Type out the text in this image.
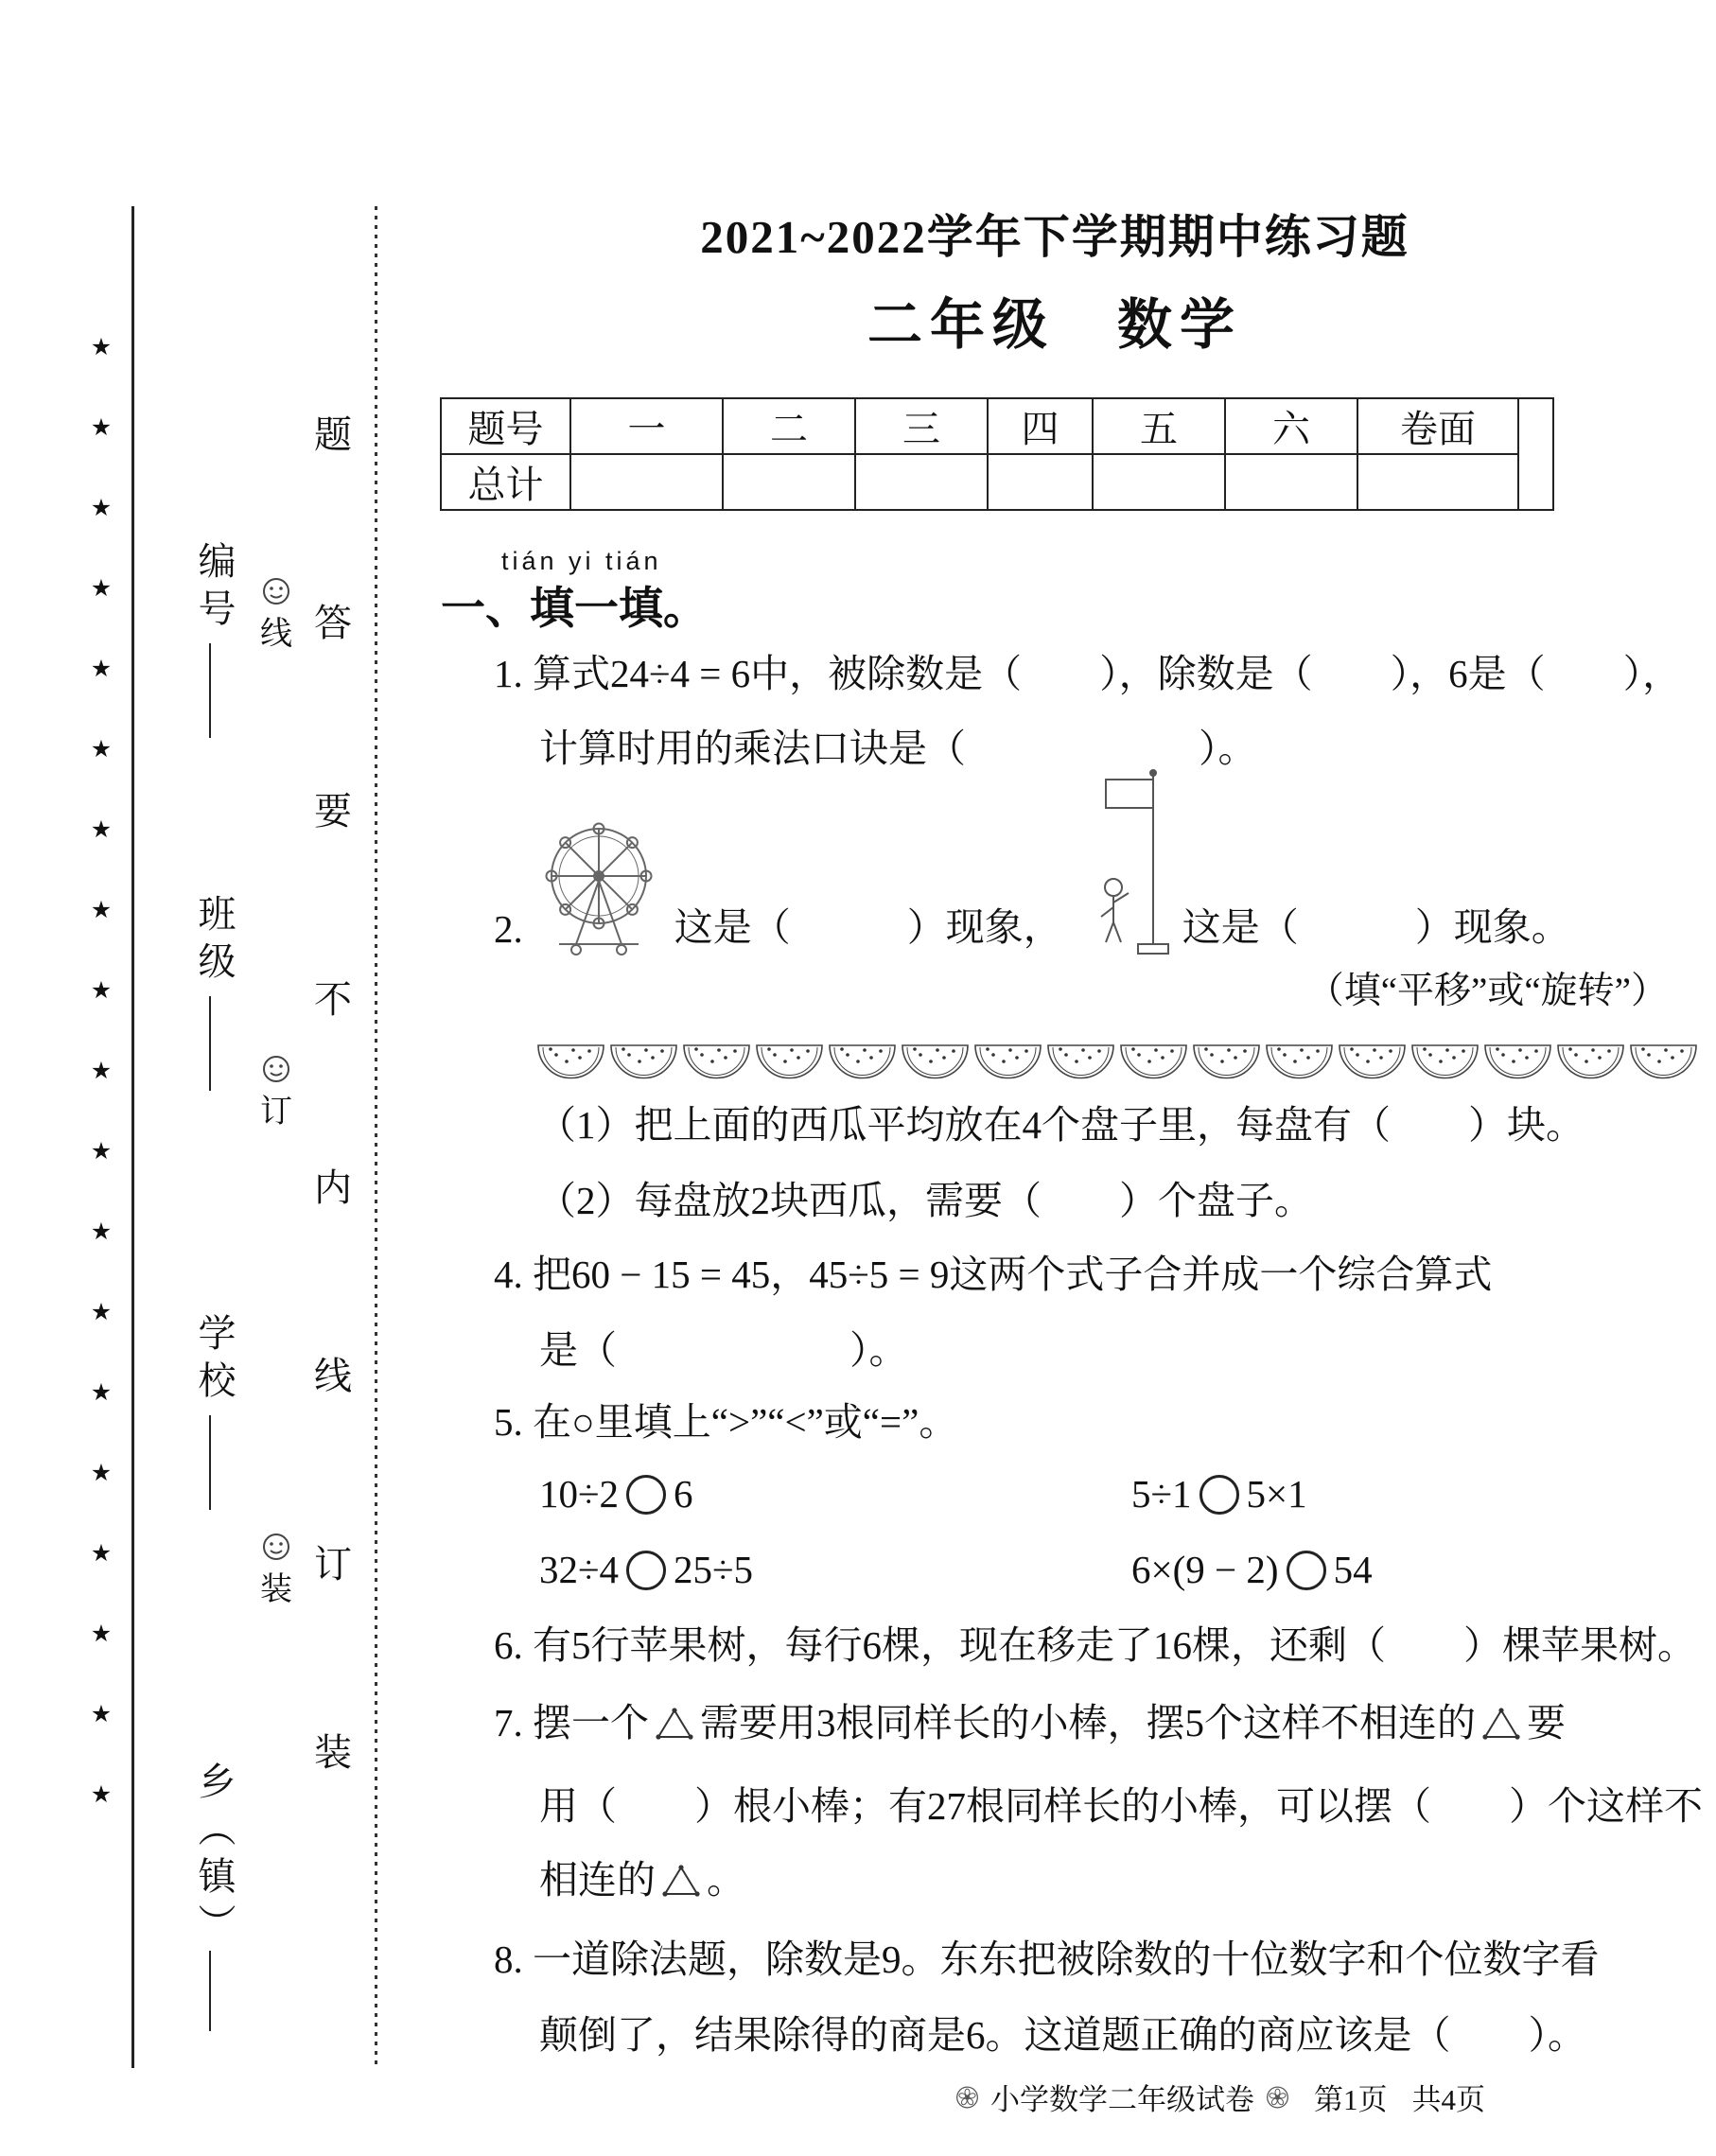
★
★
★
★
★
★
★
★
★
★
★
★
★
★
★
★
★
★
★
编号
班级
学校
乡（镇）
线
订
装
题
答
要
不
内
线
订
装
2021~2022学年下学期期中练习题
二年级　数学
题号	一	二	三	四	五	六	卷面	
总计								
tián yi tián
一、填一填。
1. 算式24÷4 = 6中，被除数是（　　），除数是（　　），6是（　　），
计算时用的乘法口诀是（　　　　　　）。
2.	这是（　　　）现象，	这是（　　　）现象。
（填“平移”或“旋转”）
（1）把上面的西瓜平均放在4个盘子里，每盘有（　　）块。
（2）每盘放2块西瓜，需要（　　）个盘子。
4. 把60 − 15 = 45，45÷5 = 9这两个式子合并成一个综合算式
是（　　　　　　）。
5. 在○里填上“>”“<”或“=”。
10÷2 6	5÷1 5×1
32÷4 25÷5	6×(9 − 2) 54
6. 有5行苹果树，每行6棵，现在移走了16棵，还剩（　　）棵苹果树。
7. 摆一个 需要用3根同样长的小棒，摆5个这样不相连的 要
用（　　）根小棒；有27根同样长的小棒，可以摆（　　）个这样不
相连的 。
8. 一道除法题，除数是9。东东把被除数的十位数字和个位数字看
颠倒了，结果除得的商是6。这道题正确的商应该是（　　）。
小学数学二年级试卷 第1页 共4页
